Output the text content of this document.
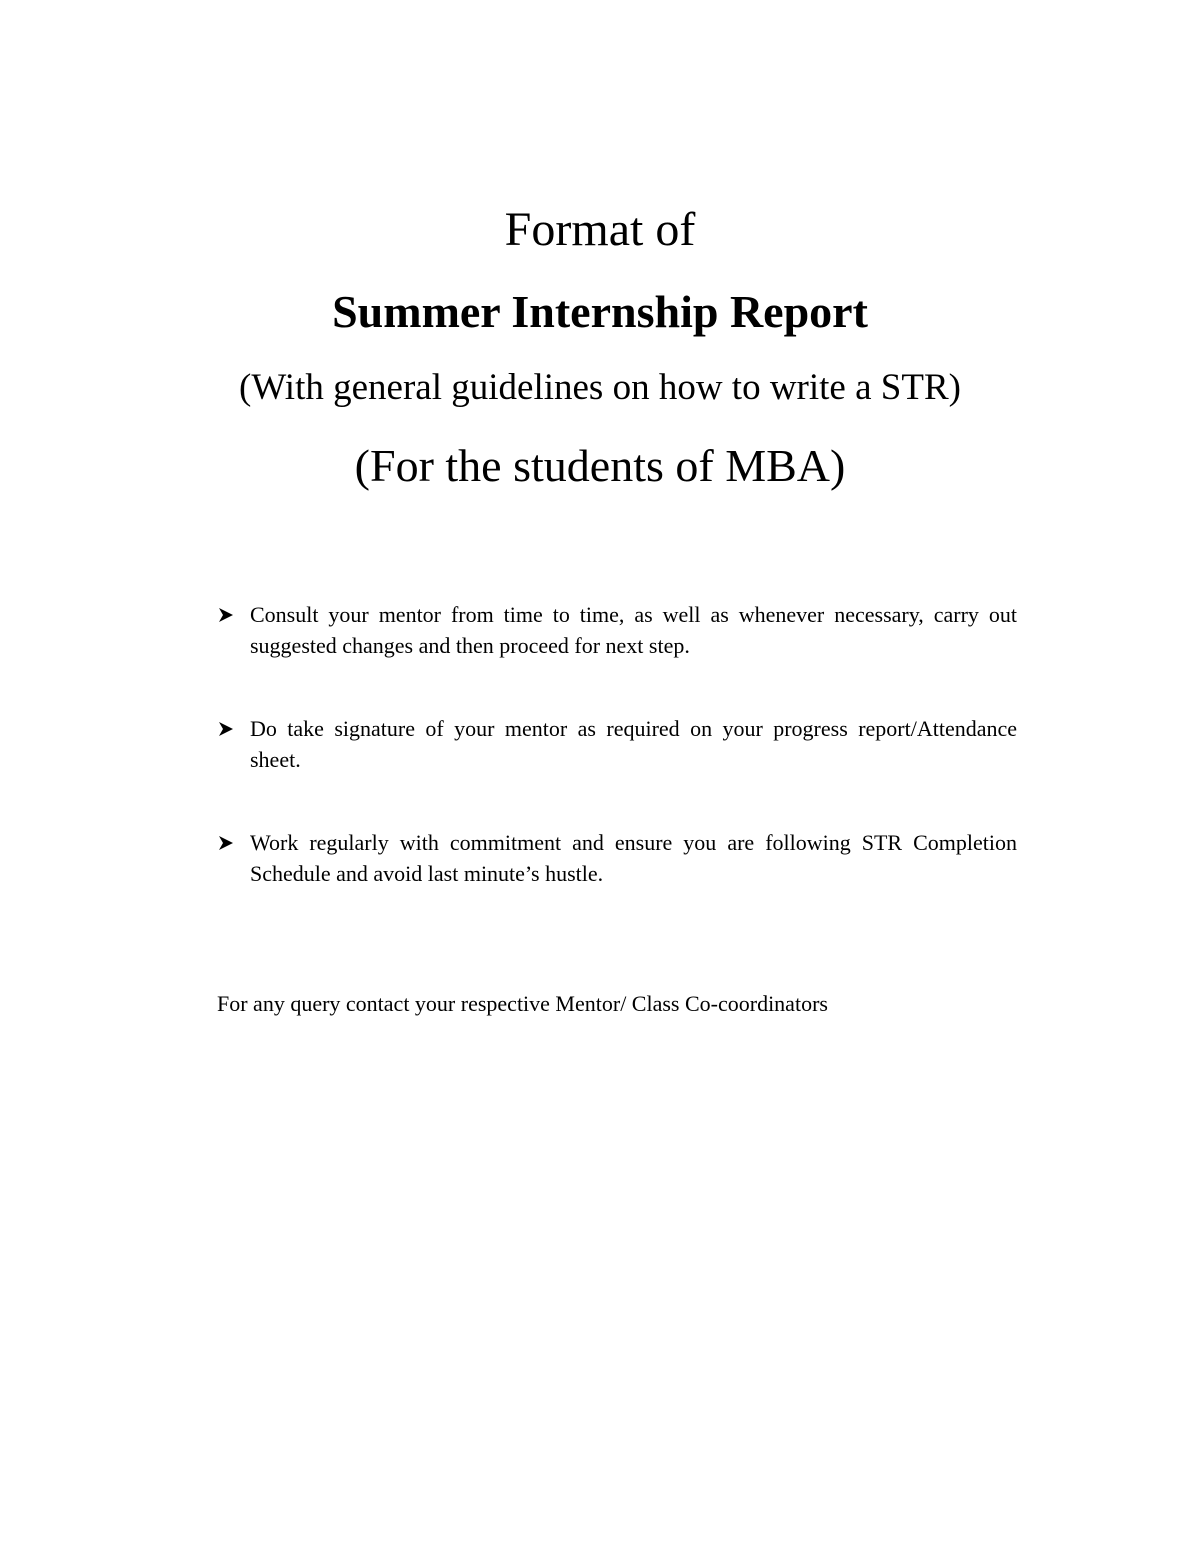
Format of
Summer Internship Report
(With general guidelines on how to write a STR)
(For the students of MBA)
Consult your mentor from time to time, as well as whenever necessary, carry out suggested changes and then proceed for next step.
Do take signature of your mentor as required on your progress report/Attendance sheet.
Work regularly with commitment and ensure you are following STR Completion Schedule and avoid last minute’s hustle.
For any query contact your respective Mentor/ Class Co-coordinators
